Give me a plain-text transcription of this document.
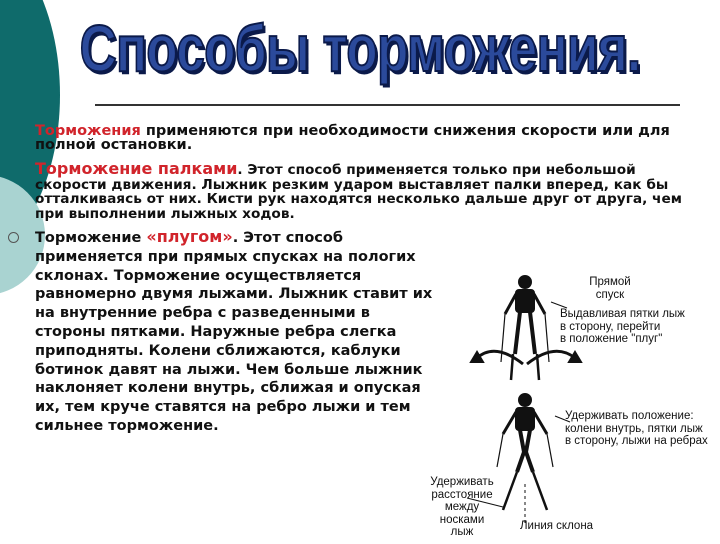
Способы торможения.
Торможения применяются при необходимости снижения скорости или для полной остановки.
Торможение палками. Этот способ применяется только при небольшой скорости движения. Лыжник резким ударом выставляет палки вперед, как бы отталкиваясь от них. Кисти рук находятся несколько дальше друг от друга, чем при выполнении лыжных ходов.
Торможение «плугом». Этот способ применяется при прямых спусках на пологих склонах. Торможение осуществляется равномерно двумя лыжами. Лыжник ставит их на внутренние ребра с разведенными в стороны пятками. Наружные ребра слегка приподняты. Колени сближаются, каблуки ботинок давят на лыжи. Чем больше лыжник наклоняет колени внутрь, сближая и опуская их, тем круче ставятся на ребро лыжи и тем сильнее торможение.
Прямой
спуск
Выдавливая пятки лыж
в сторону, перейти
в положение "плуг"
Удерживать положение:
колени внутрь, пятки лыж
в сторону, лыжи на ребрах
Удерживать
расстояние
между носками
лыж	Линия склона
